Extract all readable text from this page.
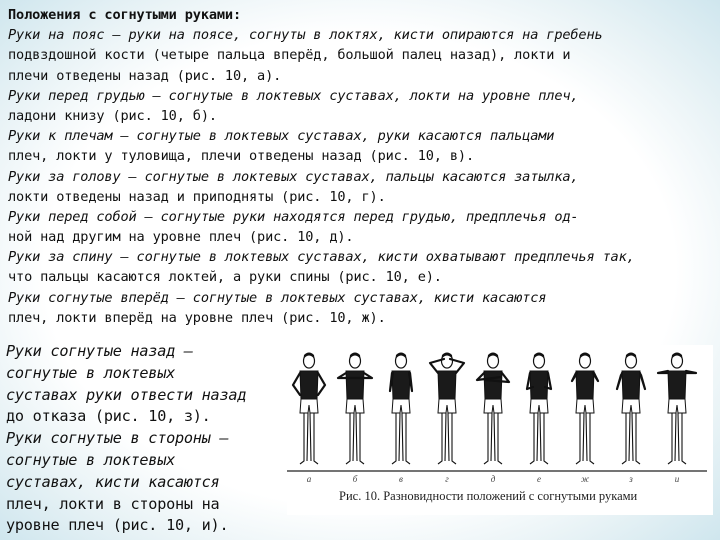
Положения с согнутыми руками:
Руки на пояс – руки на поясе, согнуты в локтях, кисти опираются на гребень
подвздошной кости (четыре пальца вперёд, большой палец назад), локти и
плечи отведены назад (рис. 10, а).
Руки перед грудью – согнутые в локтевых суставах, локти на уровне плеч,
ладони книзу (рис. 10, б).
Руки к плечам – согнутые в локтевых суставах, руки касаются пальцами
плеч, локти у туловища, плечи отведены назад (рис. 10, в).
Руки за голову – согнутые в локтевых суставах, пальцы касаются затылка,
локти отведены назад и приподняты (рис. 10, г).
Руки перед собой – согнутые руки находятся перед грудью, предплечья од-
ной над другим на уровне плеч (рис. 10, д).
Руки за спину – согнутые в локтевых суставах, кисти охватывают предплечья так,
что пальцы касаются локтей, а руки спины (рис. 10, е).
Руки согнутые вперёд – согнутые в локтевых суставах, кисти касаются
плеч, локти вперёд на уровне плеч (рис. 10, ж).
Руки согнутые назад –
согнутые в локтевых
суставах руки отвести назад
до отказа (рис. 10, з).
Руки согнутые в стороны –
согнутые в локтевых
суставах, кисти касаются
плеч, локти в стороны на
уровне плеч (рис. 10, и).
а	б	в	г	д	е	ж	з	и
Рис. 10. Разновидности положений с согнутыми руками
